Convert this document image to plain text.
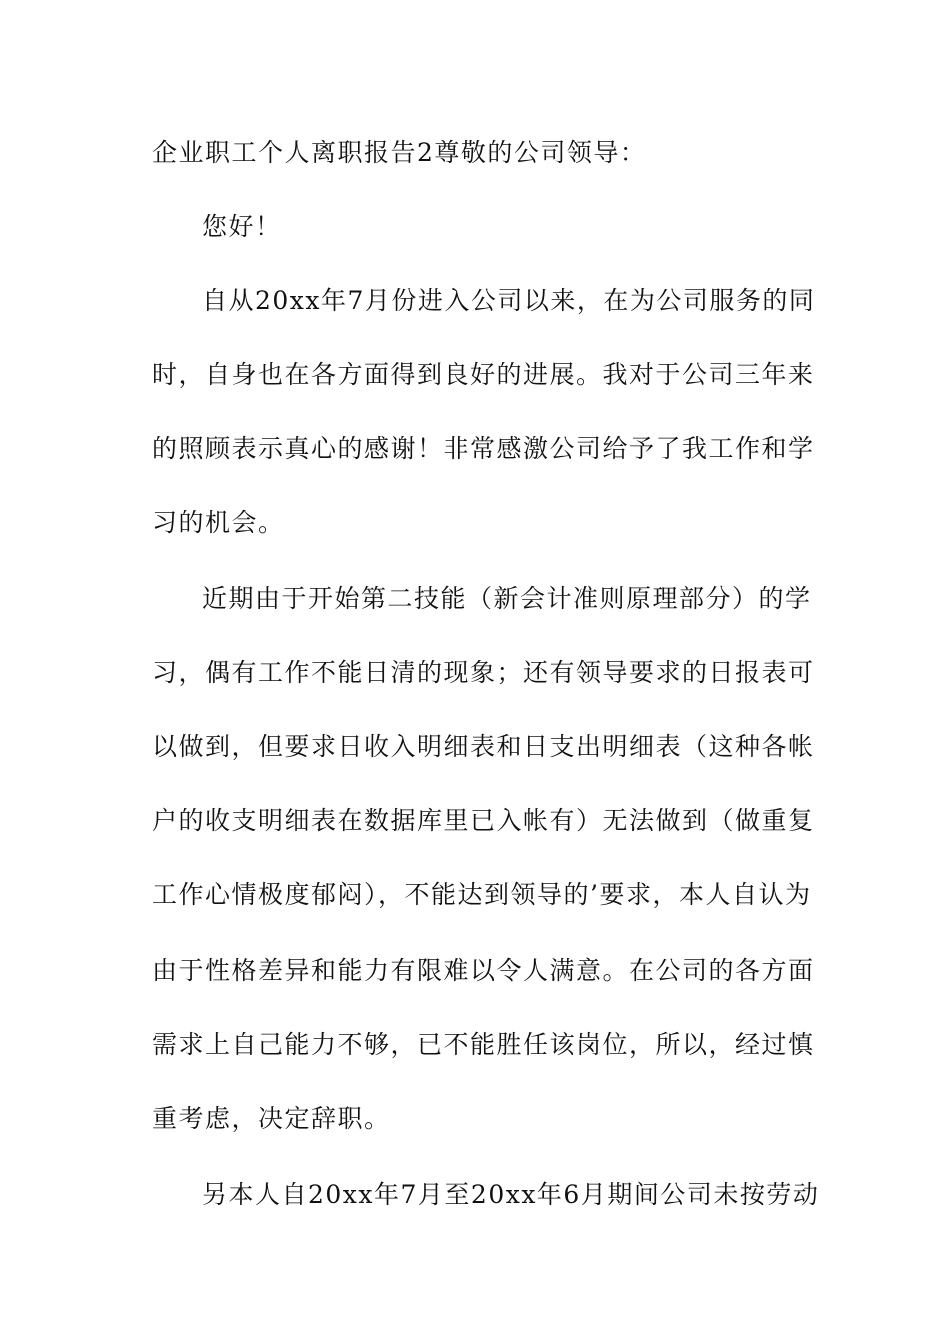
企业职工个人离职报告2尊敬的公司领导：
您好！
自从20xx年7月份进入公司以来，在为公司服务的同
时，自身也在各方面得到良好的进展。我对于公司三年来
的照顾表示真心的感谢！非常感激公司给予了我工作和学
习的机会。
近期由于开始第二技能（新会计准则原理部分）的学
习，偶有工作不能日清的现象；还有领导要求的日报表可
以做到，但要求日收入明细表和日支出明细表（这种各帐
户的收支明细表在数据库里已入帐有）无法做到（做重复
工作心情极度郁闷），不能达到领导的’要求，本人自认为
由于性格差异和能力有限难以令人满意。在公司的各方面
需求上自己能力不够，已不能胜任该岗位，所以，经过慎
重考虑，决定辞职。
另本人自20xx年7月至20xx年6月期间公司未按劳动
